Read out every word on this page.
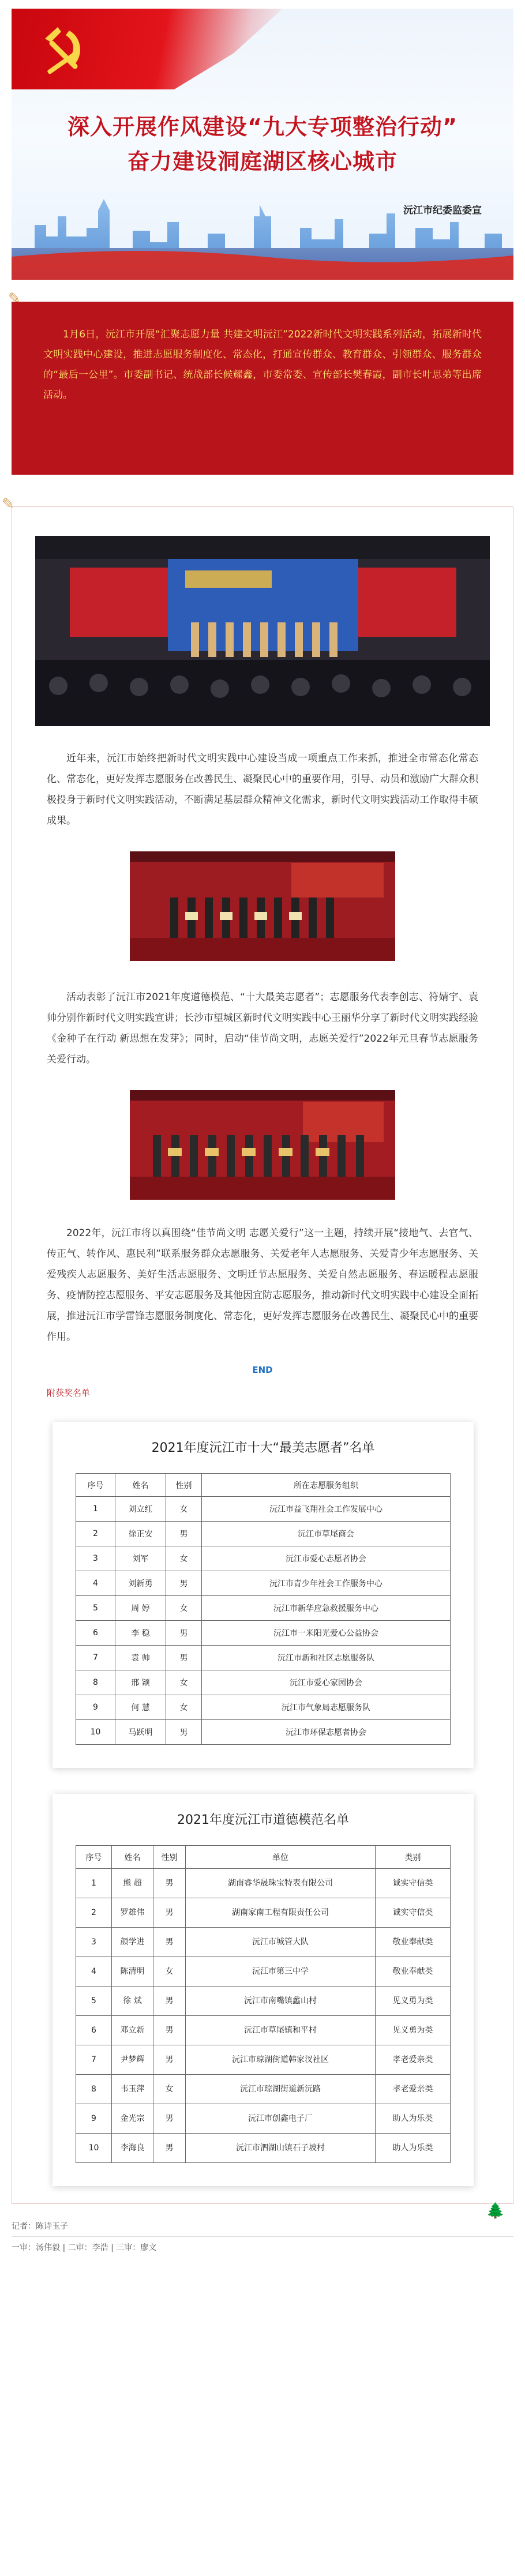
深入开展作风建设“九大专项整治行动”
奋力建设洞庭湖区核心城市
沅江市纪委监委宣
✎

1月6日，沅江市开展“汇聚志愿力量 共建文明沅江”2022新时代文明实践系列活动，拓展新时代文明实践中心建设，推进志愿服务制度化、常态化，打通宣传群众、教育群众、引领群众、服务群众的“最后一公里”。市委副书记、统战部长候耀鑫，市委常委、宣传部长樊春霞，副市长叶思弟等出席活动。

✎

近年来，沅江市始终把新时代文明实践中心建设当成一项重点工作来抓，推进全市常态化常态化、常态化，更好发挥志愿服务在改善民生、凝聚民心中的重要作用，引导、动员和激励广大群众积极投身于新时代文明实践活动，不断满足基层群众精神文化需求，新时代文明实践活动工作取得丰硕成果。

活动表彰了沅江市2021年度道德模范、“十大最美志愿者”；志愿服务代表李创志、符婧宇、袁帅分别作新时代文明实践宣讲；长沙市望城区新时代文明实践中心王丽华分享了新时代文明实践经验《金种子在行动 新思想在发芽》；同时，启动“佳节尚文明，志愿关爱行”2022年元旦春节志愿服务关爱行动。

2022年，沅江市将以真围绕“佳节尚文明 志愿关爱行”这一主题，持续开展“接地气、去官气、传正气、转作风、惠民利”联系服务群众志愿服务、关爱老年人志愿服务、关爱青少年志愿服务、关爱残疾人志愿服务、美好生活志愿服务、文明迁节志愿服务、关爱自然志愿服务、春运暖程志愿服务、疫情防控志愿服务、平安志愿服务及其他因宜防志愿服务，推动新时代文明实践中心建设全面拓展，推进沅江市学雷锋志愿服务制度化、常态化，更好发挥志愿服务在改善民生、凝聚民心中的重要作用。

END
附获奖名单
2021年度沅江市十大“最美志愿者”名单
序号	姓名	性别	所在志愿服务组织
1	刘立红	女	沅江市益飞翔社会工作发展中心
2	徐正安	男	沅江市草尾商会
3	刘军	女	沅江市爱心志愿者协会
4	刘新勇	男	沅江市青少年社会工作服务中心
5	周 婷	女	沅江市新华应急救援服务中心
6	李 稳	男	沅江市一米阳光爱心公益协会
7	袁 帅	男	沅江市新和社区志愿服务队
8	邢 颖	女	沅江市爱心家园协会
9	何 慧	女	沅江市气象局志愿服务队
10	马跃明	男	沅江市环保志愿者协会
2021年度沅江市道德模范名单
序号	姓名	性别	单位	类别
1	熊 超	男	湖南睿华晟珠宝特表有限公司	诚实守信类
2	罗雄伟	男	湖南家南工程有限责任公司	诚实守信类
3	颜学进	男	沅江市城管大队	敬业奉献类
4	陈清明	女	沅江市第三中学	敬业奉献类
5	徐 斌	男	沅江市南嘴镇蠡山村	见义勇为类
6	邓立新	男	沅江市草尾镇和平村	见义勇为类
7	尹梦辉	男	沅江市琼湖街道韩家汊社区	孝老爱亲类
8	韦玉萍	女	沅江市琼湖街道新沅路	孝老爱亲类
9	金光宗	男	沅江市创鑫电子厂	助人为乐类
10	李海良	男	沅江市泗湖山镇石子坡村	助人为乐类
🌲
记者：陈诗玉子
一审：汤伟毅 | 二审：李浩 | 三审：廖文
